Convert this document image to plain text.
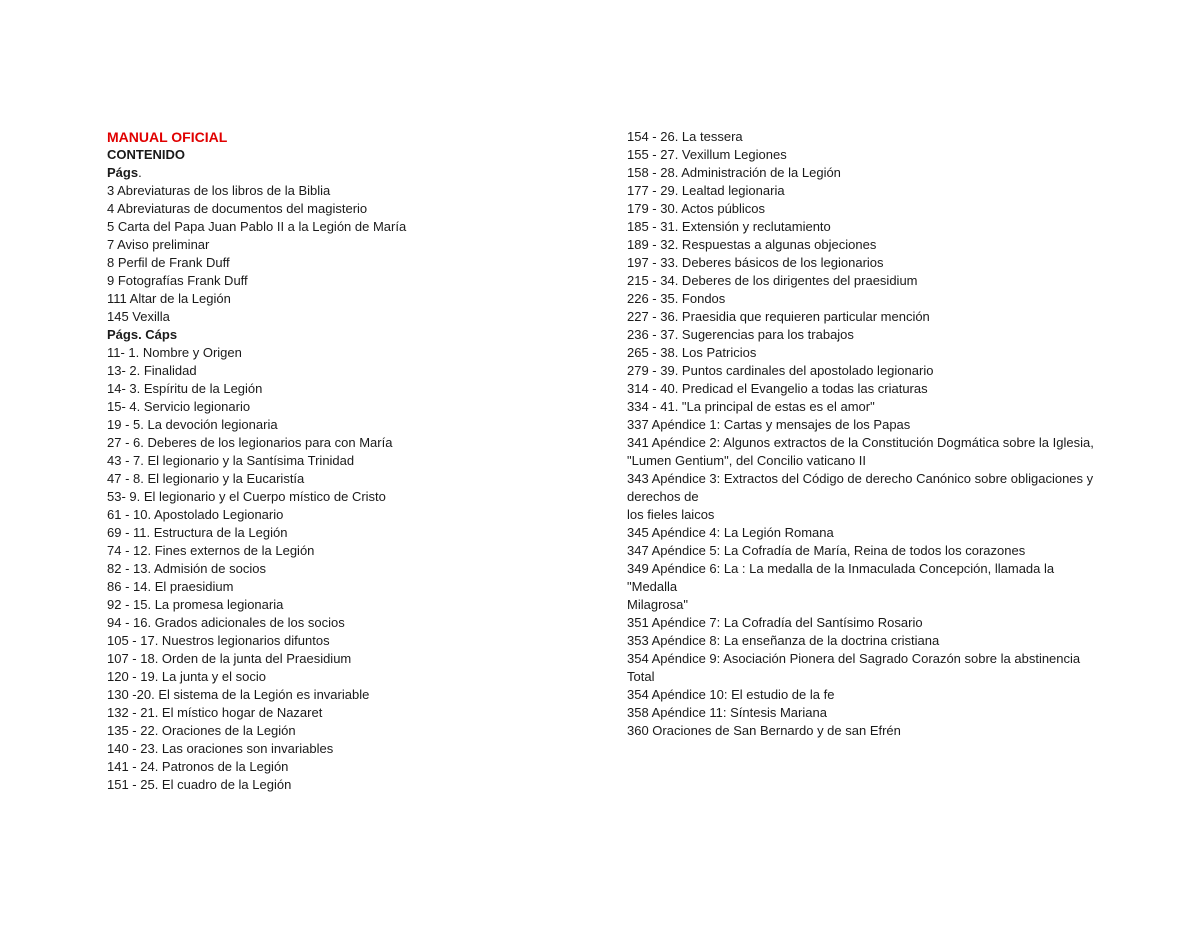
MANUAL OFICIAL
CONTENIDO
Págs.
3 Abreviaturas de los libros de la Biblia
4 Abreviaturas de documentos del magisterio
5 Carta del Papa Juan Pablo II a la Legión de María
7 Aviso preliminar
8 Perfil de Frank Duff
9 Fotografías Frank Duff
111 Altar de la Legión
145 Vexilla
Págs. Cáps
11- 1. Nombre y Origen
13- 2. Finalidad
14- 3. Espíritu de la Legión
15- 4. Servicio legionario
19 - 5. La devoción legionaria
27 - 6. Deberes de los legionarios para con María
43 - 7. El legionario y la Santísima Trinidad
47 - 8. El legionario y la Eucaristía
53- 9. El legionario y el Cuerpo místico de Cristo
61 - 10. Apostolado Legionario
69 - 11. Estructura de la Legión
74 - 12. Fines externos de la Legión
82 - 13. Admisión de socios
86 - 14. El praesidium
92 - 15. La promesa legionaria
94 - 16. Grados adicionales de los socios
105 - 17. Nuestros legionarios difuntos
107 - 18. Orden de la junta del Praesidium
120 - 19. La junta y el socio
130 -20. El sistema de la Legión es invariable
132 - 21. El místico hogar de Nazaret
135 - 22. Oraciones de la Legión
140 - 23. Las oraciones son invariables
141 - 24. Patronos de la Legión
151 - 25. El cuadro de la Legión
154 - 26. La tessera
155 - 27. Vexillum Legiones
158 - 28. Administración de la Legión
177 - 29. Lealtad legionaria
179 - 30. Actos públicos
185 - 31. Extensión y reclutamiento
189 - 32. Respuestas a algunas objeciones
197 - 33. Deberes básicos de los legionarios
215 - 34. Deberes de los dirigentes del praesidium
226 - 35. Fondos
227 - 36. Praesidia que requieren particular mención
236 - 37. Sugerencias para los trabajos
265 - 38. Los Patricios
279 - 39. Puntos cardinales del apostolado legionario
314 - 40. Predicad el Evangelio a todas las criaturas
334 - 41. "La principal de estas es el amor"
337 Apéndice 1: Cartas y mensajes de los Papas
341 Apéndice 2: Algunos extractos de la Constitución Dogmática sobre la Iglesia,
"Lumen Gentium", del Concilio vaticano II
343 Apéndice 3: Extractos del Código de derecho Canónico sobre obligaciones y derechos de
los fieles laicos
345 Apéndice 4: La Legión Romana
347 Apéndice 5: La Cofradía de María, Reina de todos los corazones
349 Apéndice 6: La : La medalla de la Inmaculada Concepción, llamada la "Medalla
Milagrosa"
351 Apéndice 7: La Cofradía del Santísimo Rosario
353 Apéndice 8: La enseñanza de la doctrina cristiana
354 Apéndice 9: Asociación Pionera del Sagrado Corazón sobre la abstinencia Total
354 Apéndice 10: El estudio de la fe
358 Apéndice 11: Síntesis Mariana
360 Oraciones de San Bernardo y de san Efrén
